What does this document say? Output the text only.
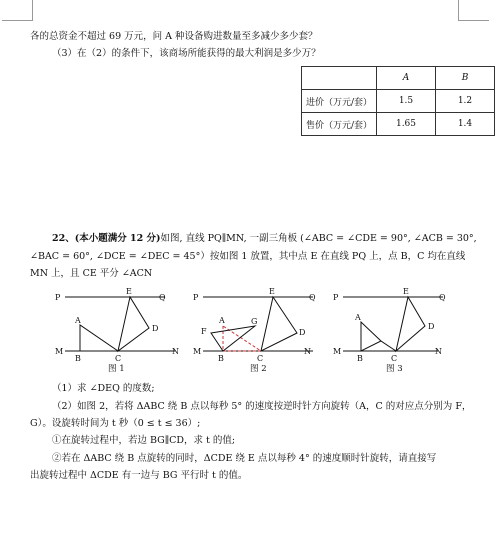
各的总资金不超过 69 万元，问 A 种设备购进数量至多减少多少套？
（3）在（2）的条件下，该商场所能获得的最大利润是多少万？
	A	B
进价（万元/套）	1.5	1.2
售价（万元/套）	1.65	1.4
22、(本小题满分 12 分)如图, 直线 PQ∥MN, 一副三角板 (∠ABC = ∠CDE = 90°, ∠ACB = 30°,
∠BAC = 60°, ∠DCE = ∠DEC = 45°）按如图 1 放置，其中点 E 在直线 PQ 上，点 B，C 均在直线
MN 上，且 CE 平分 ∠ACN
P	Q
E
A
D
M
B	C
N
图 1
P	Q
E
A
F
G
D
M
B	C
N
图 2
P	Q
E
A
D
M
B	C
N
图 3
（1）求 ∠DEQ 的度数;
（2）如图 2，若将 ΔABC 绕 B 点以每秒 5° 的速度按逆时针方向旋转（A，C 的对应点分别为 F，
G）。设旋转时间为 t 秒（0 ≤ t ≤ 36）;
①在旋转过程中，若边 BG∥CD，求 t 的值;
②若在 ΔABC 绕 B 点旋转的同时，ΔCDE 绕 E 点以每秒 4° 的速度顺时针旋转，请直接写
出旋转过程中 ΔCDE 有一边与 BG 平行时 t 的值。
